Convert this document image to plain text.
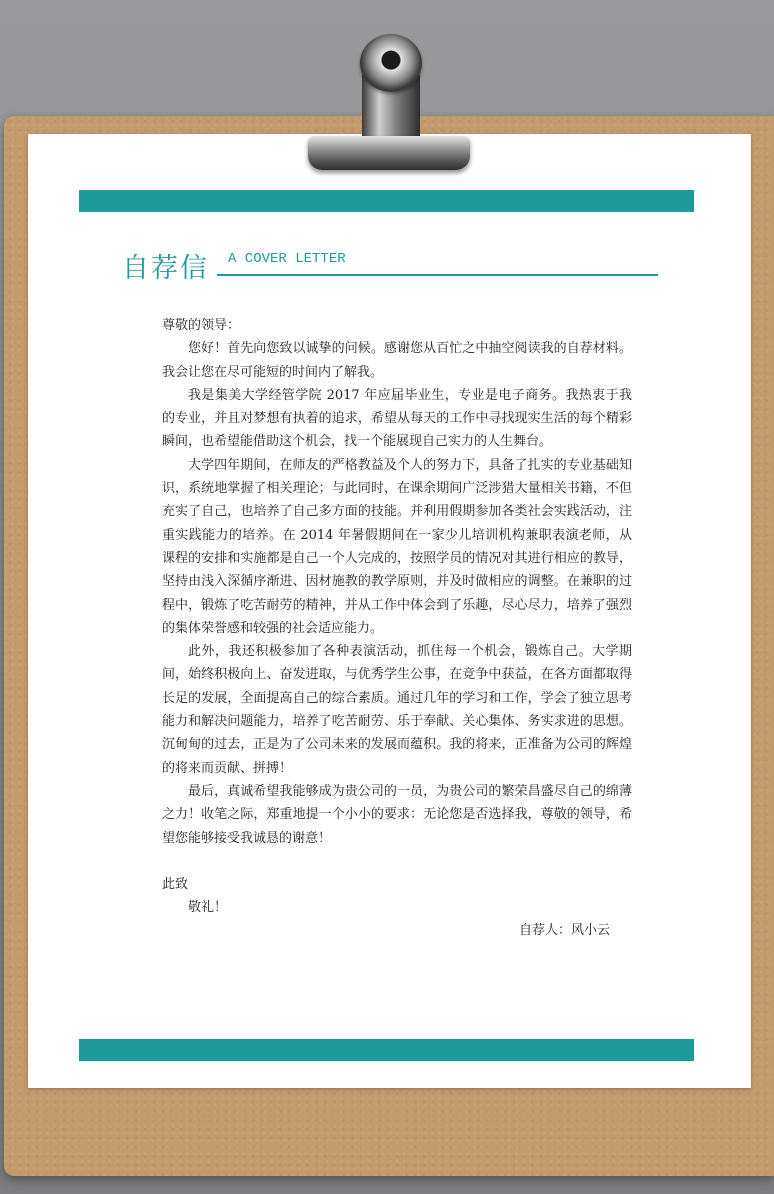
自荐信 A COVER LETTER

尊敬的领导：

您好！首先向您致以诚挚的问候。感谢您从百忙之中抽空阅读我的自荐材料。我会让您在尽可能短的时间内了解我。

我是集美大学经管学院 2017 年应届毕业生，专业是电子商务。我热衷于我的专业，并且对梦想有执着的追求，希望从每天的工作中寻找现实生活的每个精彩瞬间，也希望能借助这个机会，找一个能展现自己实力的人生舞台。

大学四年期间，在师友的严格教益及个人的努力下，具备了扎实的专业基础知识，系统地掌握了相关理论；与此同时，在课余期间广泛涉猎大量相关书籍，不但充实了自己，也培养了自己多方面的技能。并利用假期参加各类社会实践活动，注重实践能力的培养。在 2014 年暑假期间在一家少儿培训机构兼职表演老师，从课程的安排和实施都是自己一个人完成的，按照学员的情况对其进行相应的教导，坚持由浅入深循序渐进、因材施教的教学原则，并及时做相应的调整。在兼职的过程中，锻炼了吃苦耐劳的精神，并从工作中体会到了乐趣，尽心尽力，培养了强烈的集体荣誉感和较强的社会适应能力。

此外，我还积极参加了各种表演活动，抓住每一个机会，锻炼自己。大学期间，始终积极向上、奋发进取，与优秀学生公事，在竞争中获益，在各方面都取得长足的发展，全面提高自己的综合素质。通过几年的学习和工作，学会了独立思考能力和解决问题能力，培养了吃苦耐劳、乐于奉献、关心集体、务实求进的思想。沉甸甸的过去，正是为了公司未来的发展而蕴积。我的将来，正准备为公司的辉煌的将来而贡献、拼搏！

最后，真诚希望我能够成为贵公司的一员，为贵公司的繁荣昌盛尽自己的绵薄之力！收笔之际，郑重地提一个小小的要求：无论您是否选择我，尊敬的领导，希望您能够接受我诚恳的谢意！

此致

敬礼！

自荐人：风小云
